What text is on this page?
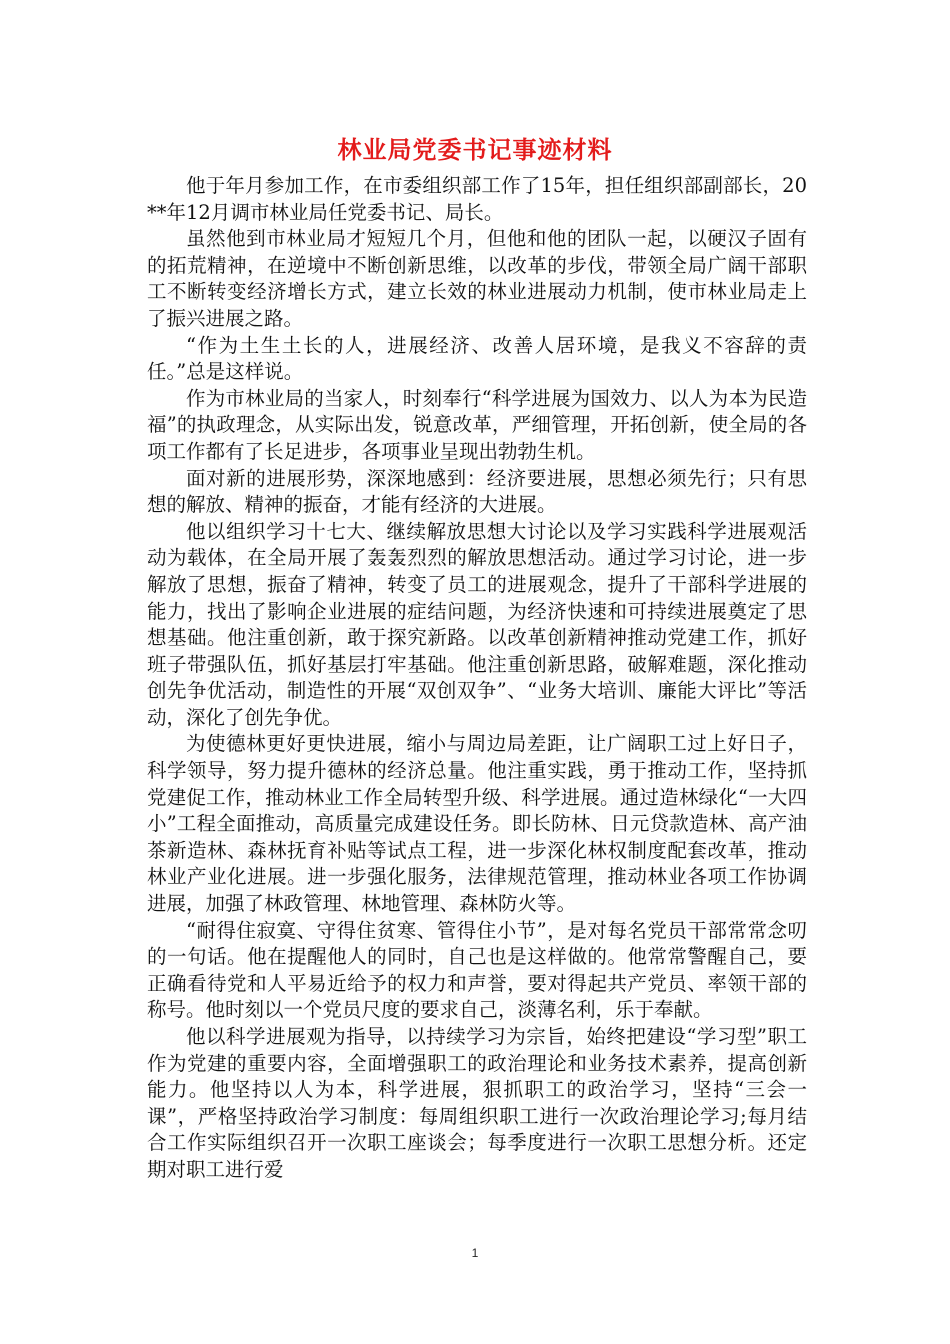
林业局党委书记事迹材料

他于年月参加工作，在市委组织部工作了15年，担任组织部副部长，20**年12月调市林业局任党委书记、局长。

虽然他到市林业局才短短几个月，但他和他的团队一起，以硬汉子固有的拓荒精神，在逆境中不断创新思维，以改革的步伐，带领全局广阔干部职工不断转变经济增长方式，建立长效的林业进展动力机制，使市林业局走上了振兴进展之路。

“作为土生土长的人，进展经济、改善人居环境，是我义不容辞的责任。”总是这样说。

作为市林业局的当家人，时刻奉行“科学进展为国效力、以人为本为民造福”的执政理念，从实际出发，锐意改革，严细管理，开拓创新，使全局的各项工作都有了长足进步，各项事业呈现出勃勃生机。

面对新的进展形势，深深地感到：经济要进展，思想必须先行；只有思想的解放、精神的振奋，才能有经济的大进展。

他以组织学习十七大、继续解放思想大讨论以及学习实践科学进展观活动为载体，在全局开展了轰轰烈烈的解放思想活动。通过学习讨论，进一步解放了思想，振奋了精神，转变了员工的进展观念，提升了干部科学进展的能力，找出了影响企业进展的症结问题，为经济快速和可持续进展奠定了思想基础。他注重创新，敢于探究新路。以改革创新精神推动党建工作，抓好班子带强队伍，抓好基层打牢基础。他注重创新思路，破解难题，深化推动创先争优活动，制造性的开展“双创双争”、“业务大培训、廉能大评比”等活动，深化了创先争优。

为使德林更好更快进展，缩小与周边局差距，让广阔职工过上好日子，科学领导，努力提升德林的经济总量。他注重实践，勇于推动工作，坚持抓党建促工作，推动林业工作全局转型升级、科学进展。通过造林绿化“一大四小”工程全面推动，高质量完成建设任务。即长防林、日元贷款造林、高产油茶新造林、森林抚育补贴等试点工程，进一步深化林权制度配套改革，推动林业产业化进展。进一步强化服务，法律规范管理，推动林业各项工作协调进展，加强了林政管理、林地管理、森林防火等。

“耐得住寂寞、守得住贫寒、管得住小节”，是对每名党员干部常常念叨的一句话。他在提醒他人的同时，自己也是这样做的。他常常警醒自己，要正确看待党和人平易近给予的权力和声誉，要对得起共产党员、率领干部的称号。他时刻以一个党员尺度的要求自己，淡薄名利，乐于奉献。

他以科学进展观为指导，以持续学习为宗旨，始终把建设“学习型”职工作为党建的重要内容，全面增强职工的政治理论和业务技术素养，提高创新能力。他坚持以人为本，科学进展，狠抓职工的政治学习，坚持“三会一课”，严格坚持政治学习制度：每周组织职工进行一次政治理论学习;每月结合工作实际组织召开一次职工座谈会；每季度进行一次职工思想分析。还定期对职工进行爱

1
